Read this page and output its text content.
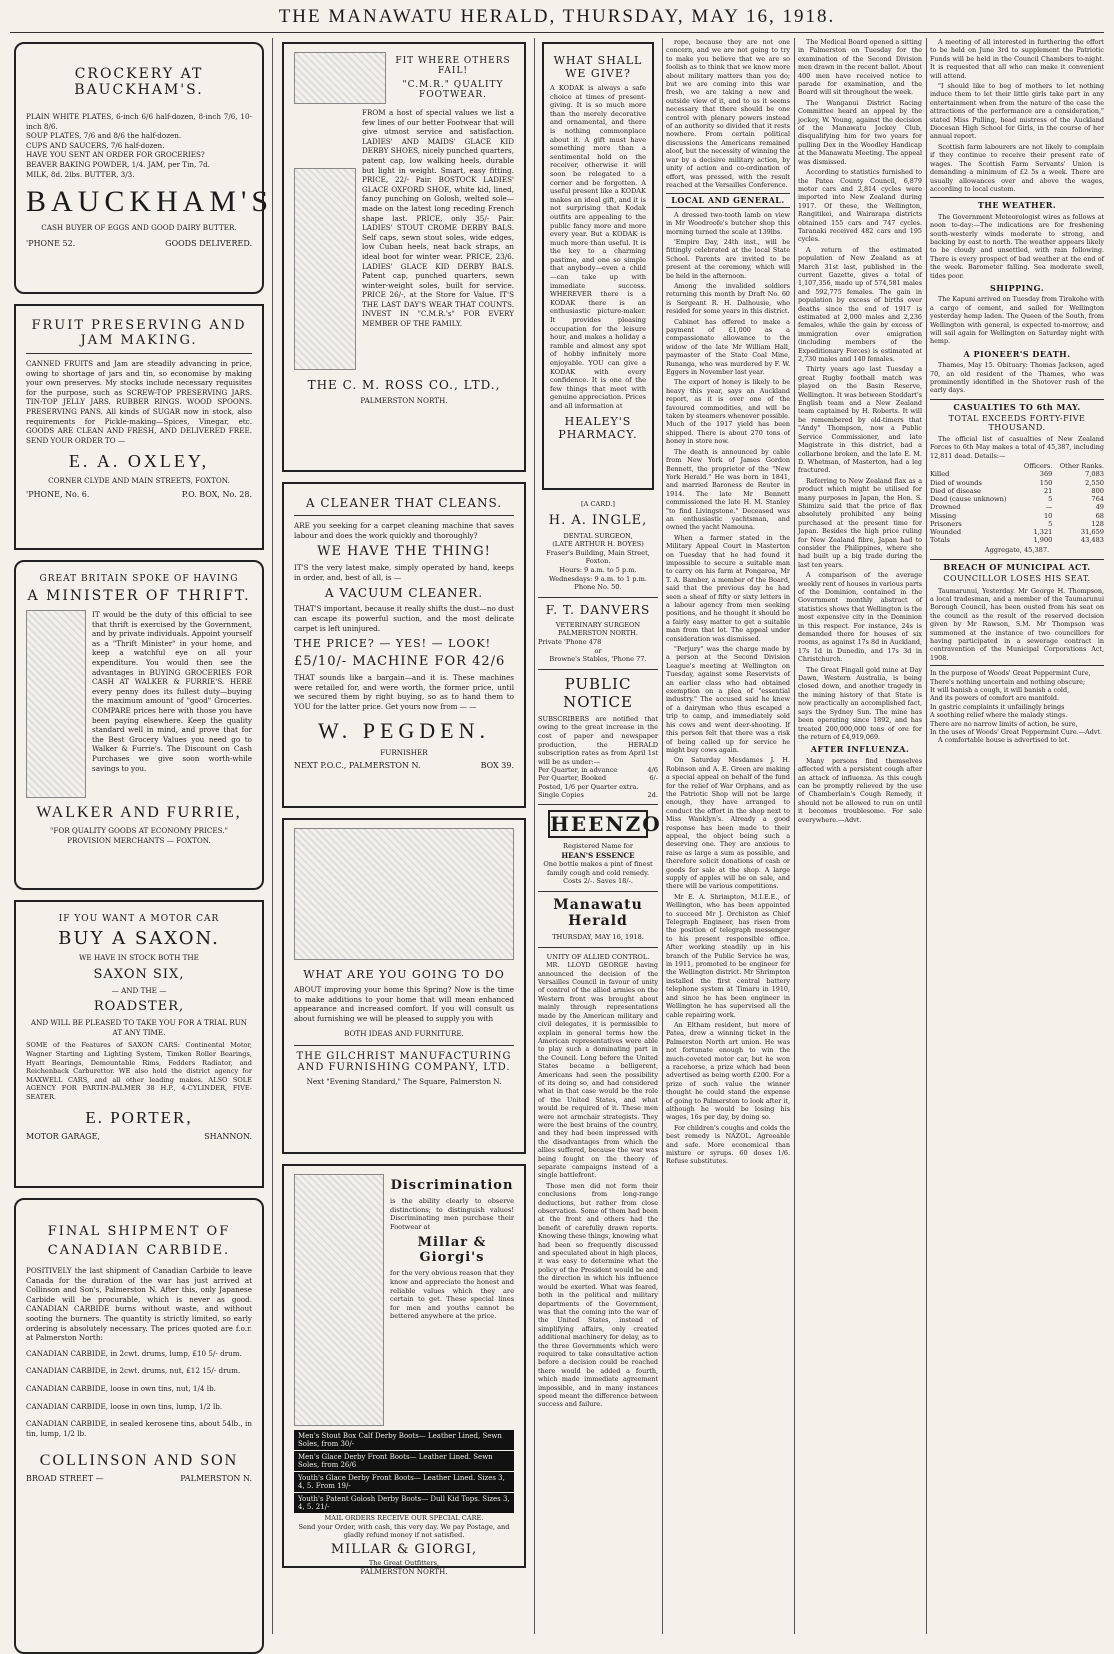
THE MANAWATU HERALD, THURSDAY, MAY 16, 1918.
CROCKERY AT BAUCKHAM'S.
PLAIN WHITE PLATES, 6-inch 6/6 half-dozen, 8-inch 7/6, 10-inch 8/6.
SOUP PLATES, 7/6 and 8/6 the half-dozen.
CUPS AND SAUCERS, 7/6 half-dozen.
HAVE YOU SENT AN ORDER FOR GROCERIES?
BEAVER BAKING POWDER, 1/4. JAM, per Tin, 7d.
MILK, 8d. 2lbs. BUTTER, 3/3.
BAUCKHAM'S
CASH BUYER OF EGGS AND GOOD DAIRY BUTTER.
'PHONE 52.	GOODS DELIVERED.
FRUIT PRESERVING AND JAM MAKING.
CANNED FRUITS and Jam are steadily advancing in price, owing to shortage of jars and tin, so economise by making your own preserves. My stocks include necessary requisites for the purpose, such as SCREW-TOP PRESERVING JARS. TIN-TOP JELLY JARS. RUBBER RINGS. WOOD SPOONS. PRESERVING PANS. All kinds of SUGAR now in stock, also requirements for Pickle-making—Spices, Vinegar, etc. GOODS ARE CLEAN AND FRESH, AND DELIVERED FREE. SEND YOUR ORDER TO —
E. A. OXLEY,
CORNER CLYDE AND MAIN STREETS, FOXTON.
'PHONE, No. 6.	P.O. BOX, No. 28.
GREAT BRITAIN SPOKE OF HAVING
A MINISTER OF THRIFT.
IT would be the duty of this official to see that thrift is exercised by the Government, and by private individuals. Appoint yourself as a "Thrift Minister" in your home, and keep a watchful eye on all your expenditure. You would then see the advantages in BUYING GROCERIES FOR CASH AT WALKER & FURRIE'S. HERE every penny does its fullest duty—buying the maximum amount of "good" Groceries. COMPARE prices here with those you have been paying elsewhere. Keep the quality standard well in mind, and prove that for the Best Grocery Values you need go to Walker & Furrie's. The Discount on Cash Purchases we give soon worth-while savings to you.
WALKER AND FURRIE,
"FOR QUALITY GOODS AT ECONOMY PRICES."
PROVISION MERCHANTS — FOXTON.
IF YOU WANT A MOTOR CAR
BUY A SAXON.
WE HAVE IN STOCK BOTH THE
SAXON SIX,
— AND THE —
ROADSTER,
AND WILL BE PLEASED TO TAKE YOU FOR A TRIAL RUN AT ANY TIME.
SOME of the Features of SAXON CARS: Continental Motor, Wagner Starting and Lighting System, Timken Roller Bearings, Hyatt Bearings, Demountable Rims, Fedders Radiator, and Reichenback Carburettor. WE also hold the district agency for MAXWELL CARS, and all other leading makes. ALSO SOLE AGENCY FOR PARTIN-PALMER 38 H.P., 4-CYLINDER, FIVE-SEATER.
E. PORTER,
MOTOR GARAGE,	SHANNON.
FINAL SHIPMENT OF
CANADIAN CARBIDE.
POSITIVELY the last shipment of Canadian Carbide to leave Canada for the duration of the war has just arrived at Collinson and Son's, Palmerston N. After this, only Japanese Carbide will be procurable, which is never as good. CANADIAN CARBIDE burns without waste, and without sooting the burners. The quantity is strictly limited, so early ordering is absolutely necessary. The prices quoted are f.o.r. at Palmerston North:
CANADIAN CARBIDE, in 2cwt. drums, lump, £10 5/- drum.
CANADIAN CARBIDE, in 2cwt. drums, nut, £12 15/- drum.
CANADIAN CARBIDE, loose in own tins, nut, 1/4 lb.
CANADIAN CARBIDE, loose in own tins, lump, 1/2 lb.
CANADIAN CARBIDE, in sealed kerosene tins, about 54lb., in tin, lump, 1/2 lb.
COLLINSON AND SON
BROAD STREET —	PALMERSTON N.
FIT WHERE OTHERS FAIL!
"C.M.R." QUALITY FOOTWEAR.
FROM a host of special values we list a few lines of our better Footwear that will give utmost service and satisfaction. LADIES' AND MAIDS' GLACE KID DERBY SHOES, nicely punched quarters, patent cap, low walking heels, durable but light in weight. Smart, easy fitting. PRICE, 22/- Pair. BOSTOCK LADIES' GLACE OXFORD SHOE, white kid, lined, fancy punching on Golosh, welted sole—made on the latest long receding French shape last. PRICE, only 35/- Pair. LADIES' STOUT CROME DERBY BALS. Self caps, sewn stout soles, wide edges, low Cuban heels, neat back straps, an ideal boot for winter wear. PRICE, 23/6. LADIES' GLACE KID DERBY BALS. Patent cap, punched quarters, sewn winter-weight soles, built for service. PRICE 26/-, at the Store for Value. IT'S THE LAST DAY'S WEAR THAT COUNTS. INVEST IN "C.M.R.'s" FOR EVERY MEMBER OF THE FAMILY.
THE C. M. ROSS CO., LTD.,
PALMERSTON NORTH.
A CLEANER THAT CLEANS.
ARE you seeking for a carpet cleaning machine that saves labour and does the work quickly and thoroughly?
WE HAVE THE THING!
IT'S the very latest make, simply operated by hand, keeps in order, and, best of all, is —
A VACUUM CLEANER.
THAT'S important, because it really shifts the dust—no dust can escape its powerful suction, and the most delicate carpet is left uninjured.
THE PRICE? — YES! — LOOK!
£5/10/- MACHINE FOR 42/6
THAT sounds like a bargain—and it is. These machines were retailed for, and were worth, the former price, until we secured them by right buying, so as to hand them to YOU for the latter price. Get yours now from — —
W. PEGDEN.
FURNISHER
NEXT P.O.C., PALMERSTON N.	BOX 39.
WHAT ARE YOU GOING TO DO
ABOUT improving your home this Spring? Now is the time to make additions to your home that will mean enhanced appearance and increased comfort. If you will consult us about furnishing we will be pleased to supply you with
BOTH IDEAS AND FURNITURE.
THE GILCHRIST MANUFACTURING AND FURNISHING COMPANY, LTD.
Next "Evening Standard," The Square, Palmerston N.
Discrimination
is the ability clearly to observe distinctions; to distinguish values! Discriminating men purchase their Footwear at
Millar & Giorgi's
for the very obvious reason that they know and appreciate the honest and reliable values which they are certain to get. These special lines for men and youths cannot be bettered anywhere at the price.
Men's Stout Box Calf Derby Boots— Leather Lined, Sewn Soles, from 30/-
Men's Glace Derby Front Boots— Leather Lined. Sewn Soles, from 26/6
Youth's Glace Derby Front Boots— Leather Lined. Sizes 3, 4, 5. From 19/-
Youth's Patent Golosh Derby Boots— Dull Kid Tops. Sizes 3, 4, 5. 21/-
MAIL ORDERS RECEIVE OUR SPECIAL CARE.
Send your Order, with cash, this very day. We pay Postage, and gladly refund money if not satisfied.
MILLAR & GIORGI,
The Great Outfitters,
PALMERSTON NORTH.
WHAT SHALL WE GIVE?
A KODAK is always a safe choice at times of present-giving. It is so much more than the merely decorative and ornamental, and there is nothing commonplace about it. A gift must have something more than a sentimental hold on the receiver, otherwise it will soon be relegated to a corner and be forgotten. A useful present like a KODAK makes an ideal gift, and it is not surprising that Kodak outfits are appealing to the public fancy more and more every year. But a KODAK is much more than useful. It is the key to a charming pastime, and one so simple that anybody—even a child—can take up with immediate success. WHEREVER there is a KODAK there is an enthusiastic picture-maker. It provides pleasing occupation for the leisure hour, and makes a holiday a ramble and almost any spot of hobby infinitely more enjoyable. YOU can give a KODAK with every confidence. It is one of the few things that meet with genuine appreciation. Prices and all information at
HEALEY'S PHARMACY.
[A CARD.]
H. A. INGLE,
DENTAL SURGEON,
(LATE ARTHUR H. BOYES)
Fraser's Building, Main Street, Foxton.
Hours: 9 a.m. to 5 p.m. Wednesdays: 9 a.m. to 1 p.m.
Phone No. 50.
F. T. DANVERS
VETERINARY SURGEON
PALMERSTON NORTH.
Private 'Phone 478
or
Browne's Stables, 'Phone 77.
PUBLIC NOTICE
SUBSCRIBERS are notified that owing to the great increase in the cost of paper and newspaper production, the HERALD subscription rates as from April 1st will be as under:—
Per Quarter, in advance	4/6
Per Quarter, Booked	6/-
Posted, 1/6 per Quarter extra.	
Single Copies	2d.
HEENZO
Registered Name for
HEAN'S ESSENCE
One bottle makes a pint of finest family cough and cold remedy. Costs 2/-. Saves 18/-.
Manawatu Herald
THURSDAY, MAY 16, 1918.
UNITY OF ALLIED CONTROL.

MR. LLOYD GEORGE having announced the decision of the Versailles Council in favour of unity of control of the allied armies on the Western front was brought about mainly through representations made by the American military and civil delegates, it is permissible to explain in general terms how the American representatives were able to play such a dominating part in the Council. Long before the United States became a belligerent, Americans had seen the possibility of its doing so, and had considered what in that case would be the role of the United States, and what would be required of it. These men were not armchair strategists. They were the best brains of the country, and they had been impressed with the disadvantages from which the allies suffered, because the war was being fought on the theory of separate campaigns instead of a single battlefront.

Those men did not form their conclusions from long-range deductions, but rather from close observation. Some of them had been at the front and others had the benefit of carefully drawn reports. Knowing these things, knowing what had been so frequently discussed and speculated about in high places, it was easy to determine what the policy of the President would be and the direction in which his influence would be exerted. What was feared, both in the political and military departments of the Government, was that the coming into the war of the United States, instead of simplifying affairs, only created additional machinery for delay, as to the three Governments which were required to take consultative action before a decision could be reached there would be added a fourth, which made immediate agreement impossible, and in many instances speed meant the difference between success and failure.

rope, because they are not one concern, and we are not going to try to make you believe that we are so foolish as to think that we know more about military matters than you do; but we are coming into this war fresh, we are taking a new and outside view of it, and to us it seems necessary that there should be one control with plenary powers instead of an authority so divided that it rests nowhere. From certain political discussions the Americans remained aloof, but the necessity of winning the war by a decisive military action, by unity of action and co-ordination of effort, was pressed, with the result reached at the Versailles Conference.

LOCAL AND GENERAL.

A dressed two-tooth lamb on view in Mr Woodroofe's butcher shop this morning turned the scale at 139lbs.

'Empire Day, 24th inst., will be fittingly celebrated at the local State School. Parents are invited to be present at the ceremony, which will be held in the afternoon.

Among the invalided soldiers returning this month by Draft No. 60 is Sergeant R. H. Dalhousie, who resided for some years in this district.

Cabinet has offered to make a payment of £1,000 as a compassionate allowance to the widow of the late Mr William Hall, paymaster of the State Coal Mine, Runanga, who was murdered by F. W. Eggers in November last year.

The export of honey is likely to be heavy this year, says an Auckland report, as it is over one of the favoured commodities, and will be taken by steamers whenever possible. Much of the 1917 yield has been shipped. There is about 270 tons of honey in store now.

The death is announced by cable from New York of James Gordon Bennett, the proprietor of the "New York Herald." He was born in 1841, and married Baroness de Reuter in 1914. The late Mr Bennett commissioned the late H. M. Stanley "to find Livingstone." Deceased was an enthusiastic yachtsman, and owned the yacht Namouna.

When a farmer stated in the Military Appeal Court in Masterton on Tuesday that he had found it impossible to secure a suitable man to carry on his farm at Pongaroa, Mr T. A. Bamber, a member of the Board, said that the previous day he had seen a sheaf of fifty or sixty letters in a labour agency from men seeking positions, and he thought it should be a fairly easy matter to get a suitable man from that lot. The appeal under consideration was dismissed.

"Perjury" was the charge made by a person at the Second Division League's meeting at Wellington on Tuesday, against some Reservists of an earlier class who had obtained exemption on a plea of "essential industry." The accused said he knew of a dairyman who thus escaped a trip to camp, and immediately sold his cows and went deer-shooting. If this person felt that there was a risk of being called up for service he might buy cows again.

On Saturday Mesdames J. H. Robinson and A. E. Green are making a special appeal on behalf of the fund for the relief of War Orphans, and as the Patriotic Shop will not be large enough, they have arranged to conduct the effort in the shop next to Miss Wanklyn's. Already a good response has been made to their appeal, the object being such a deserving one. They are anxious to raise as large a sum as possible, and therefore solicit donations of cash or goods for sale at the shop. A large supply of apples will be on sale, and there will be various competitions.

Mr E. A. Shrimpton, M.I.E.E., of Wellington, who has been appointed to succeed Mr J. Orchiston as Chief Telegraph Engineer, has risen from the position of telegraph messenger to his present responsible office. After working steadily up in his branch of the Public Service he was, in 1911, promoted to be engineer for the Wellington district. Mr Shrimpton installed the first central battery telephone system at Timaru in 1910, and since he has been engineer in Wellington he has supervised all the cable repairing work.

An Eltham resident, but more of Patea, drew a winning ticket in the Palmerston North art union. He was not fortunate enough to win the much-coveted motor car, but he won a racehorse, a prize which had been advertised as being worth £200. For a prize of such value the winner thought he could stand the expense of going to Palmerston to look after it, although he would be losing his wages, 16s per day, by doing so.

For children's coughs and colds the best remedy is NAZOL. Agreeable and safe. More economical than mixture or syrups. 60 doses 1/6. Refuse substitutes.

The Medical Board opened a sitting in Palmerston on Tuesday for the examination of the Second Division men drawn in the recent ballot. About 400 men have received notice to parade for examination, and the Board will sit throughout the week.

The Wanganui District Racing Committee heard an appeal by the jockey, W. Young, against the decision of the Manawatu Jockey Club, disqualifying him for two years for pulling Dex in the Woodley Handicap at the Manawatu Meeting. The appeal was dismissed.

According to statistics furnished to the Patea County Council, 6,879 motor cars and 2,814 cycles were imported into New Zealand during 1917. Of these, the Wellington, Rangitikei, and Wairarapa districts obtained 155 cars and 747 cycles. Taranaki received 482 cars and 195 cycles.

A return of the estimated population of New Zealand as at March 31st last, published in the current Gazette, gives a total of 1,107,356, made up of 574,581 males and 592,775 females. The gain in population by excess of births over deaths since the end of 1917 is estimated at 2,000 males and 2,236 females, while the gain by excess of immigration over emigration (including members of the Expeditionary Forces) is estimated at 2,730 males and 140 females.

Thirty years ago last Tuesday a great Rugby football match was played on the Basin Reserve, Wellington. It was between Stoddart's English team and a New Zealand team captained by H. Roberts. It will be remembered by old-timers that "Andy" Thompson, now a Public Service Commissioner, and late Magistrate in this district, had a collarbone broken, and the late E. M. D. Whetman, of Masterton, had a leg fractured.

Referring to New Zealand flax as a product which might be utilised for many purposes in Japan, the Hon. S. Shimizu said that the price of flax absolutely prohibited any being purchased at the present time for Japan. Besides the high price ruling for New Zealand fibre, Japan had to consider the Philippines, where she had built up a big trade during the last ten years.

A comparison of the average weekly rent of houses in various parts of the Dominion, contained in the Government monthly abstract of statistics shows that Wellington is the most expensive city in the Dominion in this respect. For instance, 24s is demanded there for houses of six rooms, as against 17s 8d in Auckland, 17s 1d in Dunedin, and 17s 3d in Christchurch.

The Great Fingall gold mine at Day Dawn, Western Australia, is being closed down, and another tragedy in the mining history of that State is now practically an accomplished fact, says the Sydney Sun. The mine has been operating since 1892, and has treated 200,000,000 tons of ore for the return of £4,919,069.

AFTER INFLUENZA.

Many persons find themselves affected with a persistent cough after an attack of influenza. As this cough can be promptly relieved by the use of Chamberlain's Cough Remedy, it should not be allowed to run on until it becomes troublesome. For sale everywhere.—Advt.

A meeting of all interested in furthering the effort to be held on June 3rd to supplement the Patriotic Funds will be held in the Council Chambers to-night. It is requested that all who can make it convenient will attend.

"I should like to beg of mothers to let nothing induce them to let their little girls take part in any entertainment when from the nature of the case the attractions of the performance are a consideration," stated Miss Pulling, head mistress of the Auckland Diocesan High School for Girls, in the course of her annual report.

Scottish farm labourers are not likely to complain if they continue to receive their present rate of wages. The Scottish Farm Servants' Union is demanding a minimum of £2 5s a week. There are usually allowances over and above the wages, according to local custom.

THE WEATHER.

The Government Meteorologist wires as follows at noon to-day:—The indications are for freshening south-westerly winds moderate to strong, and backing by east to north. The weather appears likely to be cloudy and unsettled, with rain following. There is every prospect of bad weather at the end of the week. Barometer falling. Sea moderate swell, tides poor.

SHIPPING.

The Kapuni arrived on Tuesday from Tirakohe with a cargo of cement, and sailed for Wellington yesterday hemp laden. The Queen of the South, from Wellington with general, is expected to-morrow, and will sail again for Wellington on Saturday night with hemp.

A PIONEER'S DEATH.

Thames, May 15. Obituary: Thomas Jackson, aged 70, an old resident of the Thames, who was prominently identified in the Shotover rush of the early days.

CASUALTIES TO 6th MAY.
TOTAL EXCEEDS FORTY-FIVE THOUSAND.

The official list of casualties of New Zealand Forces to 6th May makes a total of 45,387, including 12,811 dead. Details:—

	Officers.	Other Ranks.
Killed	369	7,083
Died of wounds	150	2,550
Died of disease	21	800
Dead (cause unknown)	5	764
Drowned	—	49
Missing	10	68
Prisoners	5	128
Wounded	1,321	31,659
Totals	1,900	43,483
Aggregate, 45,387.
BREACH OF MUNICIPAL ACT.
COUNCILLOR LOSES HIS SEAT.

Taumarunui, Yesterday. Mr George H. Thompson, a local tradesman, and a member of the Taumarunui Borough Council, has been ousted from his seat on the council as the result of the reserved decision given by Mr Rawson, S.M. Mr Thompson was summoned at the instance of two councillors for having participated in a sewerage contract in contravention of the Municipal Corporations Act, 1908.

In the purpose of Woods' Great Peppermint Cure,
There's nothing uncertain and nothing obscure;
It will banish a cough, it will banish a cold,
And its powers of comfort are manifold.
In gastric complaints it unfailingly brings
A soothing relief where the malady stings.
There are no narrow limits of action, be sure,
In the uses of Woods' Great Peppermint Cure.—Advt.

A comfortable house is advertised to let.
